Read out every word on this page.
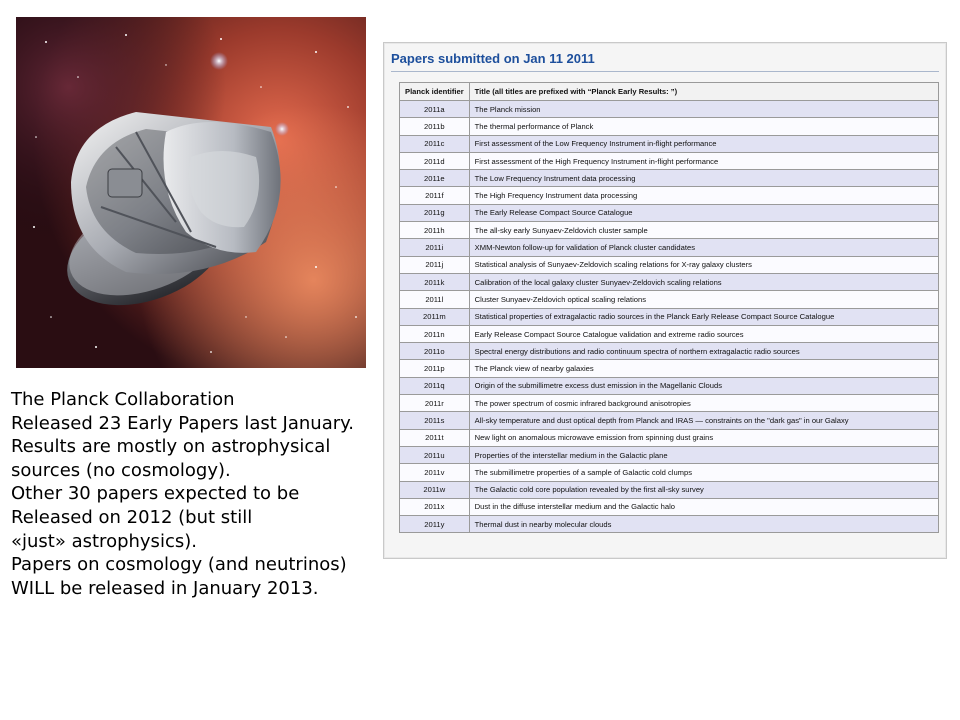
The Planck Collaboration
Released 23 Early Papers last January.
Results are mostly on astrophysical
sources (no cosmology).
Other 30 papers expected to be
Released on 2012 (but still
«just» astrophysics).
Papers on cosmology (and neutrinos)
WILL be released in January 2013.
Papers submitted on Jan 11 2011
Planck identifier	Title (all titles are prefixed with “Planck Early Results: ”)
2011a	The Planck mission
2011b	The thermal performance of Planck
2011c	First assessment of the Low Frequency Instrument in-flight performance
2011d	First assessment of the High Frequency Instrument in-flight performance
2011e	The Low Frequency Instrument data processing
2011f	The High Frequency Instrument data processing
2011g	The Early Release Compact Source Catalogue
2011h	The all-sky early Sunyaev-Zeldovich cluster sample
2011i	XMM-Newton follow-up for validation of Planck cluster candidates
2011j	Statistical analysis of Sunyaev-Zeldovich scaling relations for X-ray galaxy clusters
2011k	Calibration of the local galaxy cluster Sunyaev-Zeldovich scaling relations
2011l	Cluster Sunyaev-Zeldovich optical scaling relations
2011m	Statistical properties of extragalactic radio sources in the Planck Early Release Compact Source Catalogue
2011n	Early Release Compact Source Catalogue validation and extreme radio sources
2011o	Spectral energy distributions and radio continuum spectra of northern extragalactic radio sources
2011p	The Planck view of nearby galaxies
2011q	Origin of the submillimetre excess dust emission in the Magellanic Clouds
2011r	The power spectrum of cosmic infrared background anisotropies
2011s	All-sky temperature and dust optical depth from Planck and IRAS — constraints on the "dark gas" in our Galaxy
2011t	New light on anomalous microwave emission from spinning dust grains
2011u	Properties of the interstellar medium in the Galactic plane
2011v	The submillimetre properties of a sample of Galactic cold clumps
2011w	The Galactic cold core population revealed by the first all-sky survey
2011x	Dust in the diffuse interstellar medium and the Galactic halo
2011y	Thermal dust in nearby molecular clouds
